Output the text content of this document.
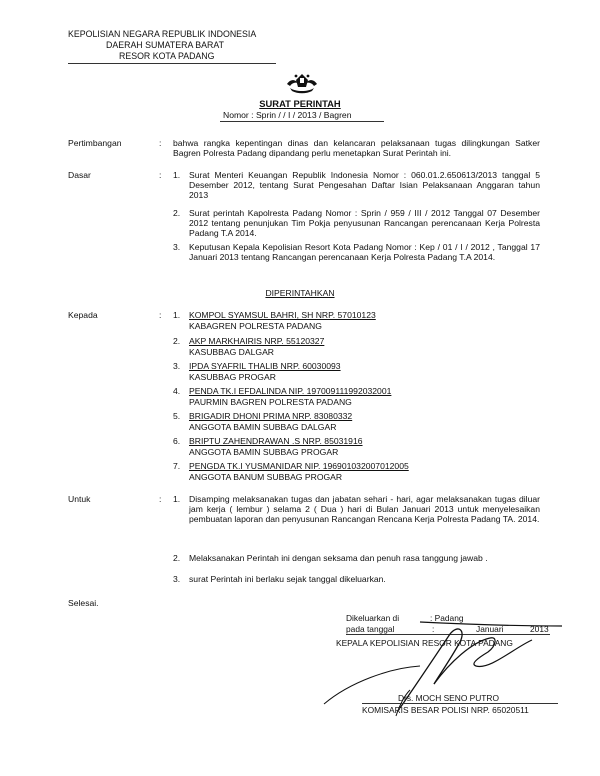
KEPOLISIAN NEGARA REPUBLIK INDONESIA
DAERAH SUMATERA BARAT
RESOR KOTA PADANG
SURAT PERINTAH
Nomor : Sprin / / I / 2013 / Bagren
Pertimbangan	: bahwa rangka kepentingan dinas dan kelancaran pelaksanaan tugas dilingkungan Satker Bagren Polresta Padang dipandang perlu menetapkan Surat Perintah ini.
Dasar	: 1. Surat Menteri Keuangan Republik Indonesia Nomor : 060.01.2.650613/2013 tanggal 5 Desember 2012, tentang Surat Pengesahan Daftar Isian Pelaksanaan Anggaran tahun 2013
2. Surat perintah Kapolresta Padang Nomor : Sprin / 959 / III / 2012 Tanggal 07 Desember 2012 tentang penunjukan Tim Pokja penyusunan Rancangan perencanaan Kerja Polresta Padang T.A 2014.
3. Keputusan Kepala Kepolisian Resort Kota Padang Nomor : Kep / 01 / I / 2012 , Tanggal 17 Januari 2013 tentang Rancangan perencanaan Kerja Polresta Padang T.A 2014.
DIPERINTAHKAN
Kepada	: 1. KOMPOL SYAMSUL BAHRI, SH NRP. 57010123
KABAGREN POLRESTA PADANG
2. AKP MARKHAIRIS NRP. 55120327
KASUBBAG DALGAR
3. IPDA SYAFRIL THALIB NRP. 60030093
KASUBBAG PROGAR
4. PENDA TK.I EFDALINDA NIP. 197009111992032001
PAURMIN BAGREN POLRESTA PADANG
5. BRIGADIR DHONI PRIMA NRP. 83080332
ANGGOTA BAMIN SUBBAG DALGAR
6. BRIPTU ZAHENDRAWAN .S NRP. 85031916
ANGGOTA BAMIN SUBBAG PROGAR
7. PENGDA TK.I YUSMANIDAR NIP. 196901032007012005
ANGGOTA BANUM SUBBAG PROGAR
Untuk	: 1. Disamping melaksanakan tugas dan jabatan sehari - hari, agar melaksanakan tugas diluar jam kerja ( lembur ) selama 2 ( Dua ) hari di Bulan Januari 2013 untuk menyelesaikan pembuatan laporan dan penyusunan Rancangan Rencana Kerja Polresta Padang TA. 2014.
2. Melaksanakan Perintah ini dengan seksama dan penuh rasa tanggung jawab .
3. surat Perintah ini berlaku sejak tanggal dikeluarkan.
Selesai.
Dikeluarkan di	: Padang
pada tanggal	:	Januari	2013
KEPALA KEPOLISIAN RESOR KOTA PADANG
Drs. MOCH SENO PUTRO
KOMISARIS BESAR POLISI NRP. 65020511
